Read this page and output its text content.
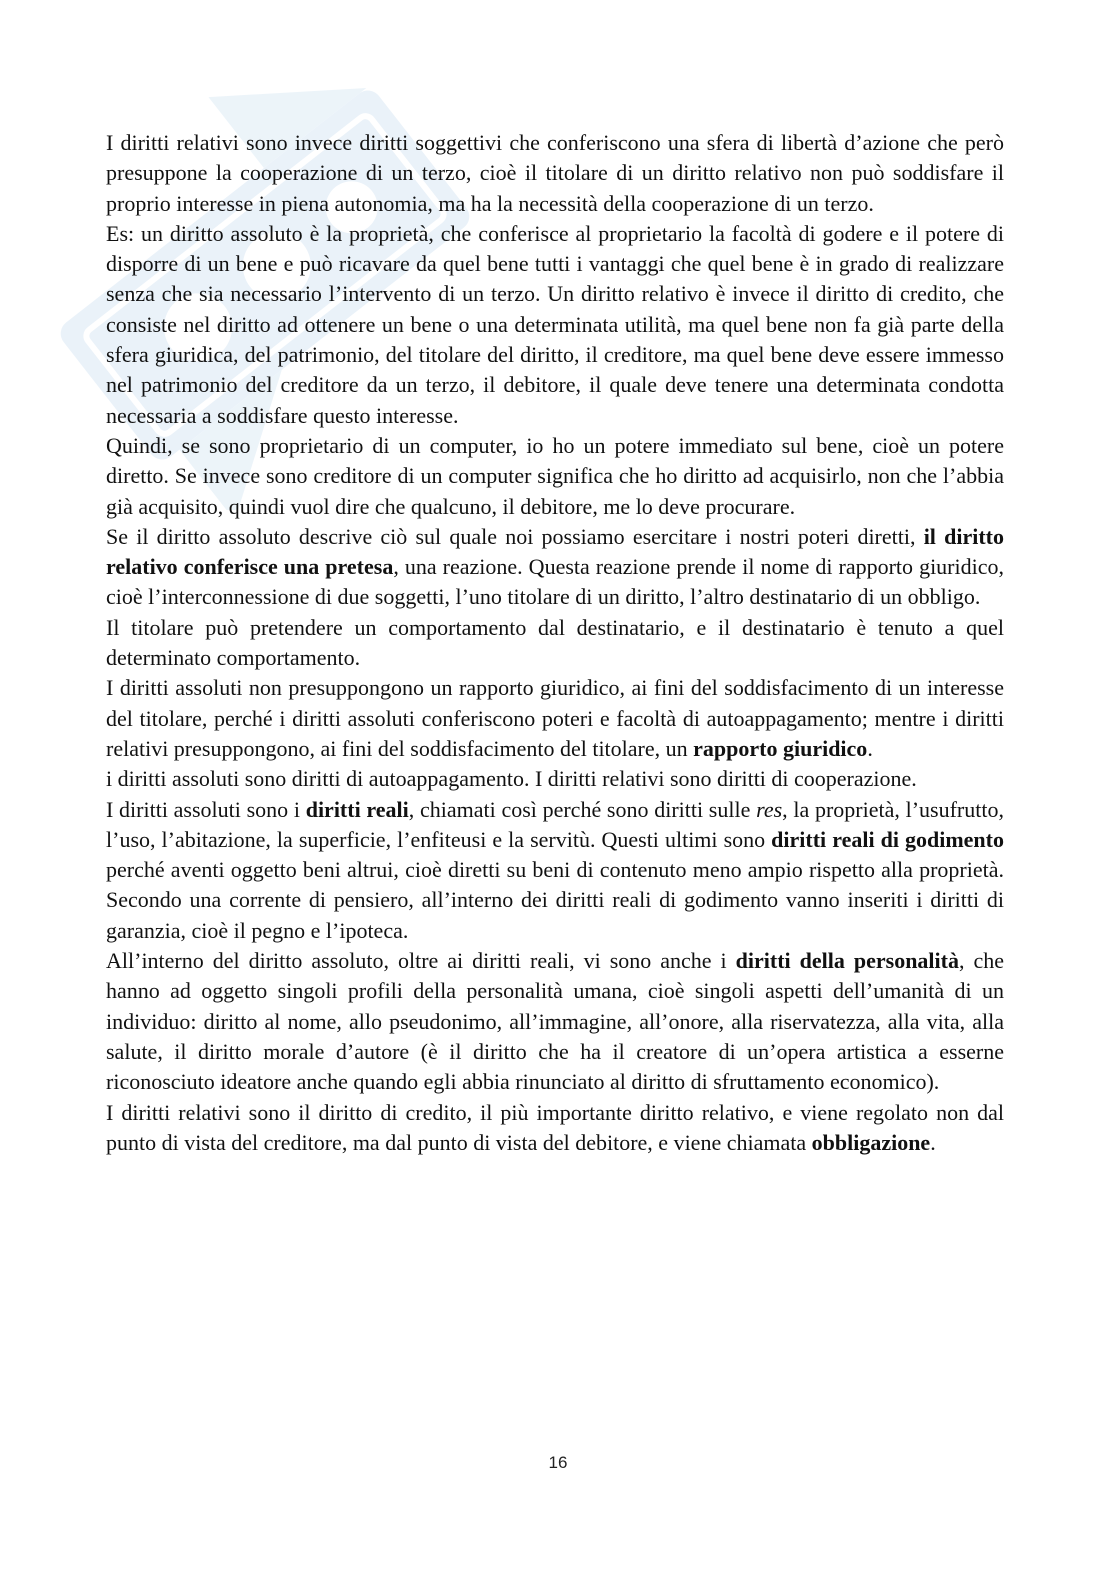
I diritti relativi sono invece diritti soggettivi che conferiscono una sfera di libertà d’azione che però presuppone la cooperazione di un terzo, cioè il titolare di un diritto relativo non può soddisfare il proprio interesse in piena autonomia, ma ha la necessità della cooperazione di un terzo.

Es: un diritto assoluto è la proprietà, che conferisce al proprietario la facoltà di godere e il potere di disporre di un bene e può ricavare da quel bene tutti i vantaggi che quel bene è in grado di realizzare senza che sia necessario l’intervento di un terzo. Un diritto relativo è invece il diritto di credito, che consiste nel diritto ad ottenere un bene o una determinata utilità, ma quel bene non fa già parte della sfera giuridica, del patrimonio, del titolare del diritto, il creditore, ma quel bene deve essere immesso nel patrimonio del creditore da un terzo, il debitore, il quale deve tenere una determinata condotta necessaria a soddisfare questo interesse.

Quindi, se sono proprietario di un computer, io ho un potere immediato sul bene, cioè un potere diretto. Se invece sono creditore di un computer significa che ho diritto ad acquisirlo, non che l’abbia già acquisito, quindi vuol dire che qualcuno, il debitore, me lo deve procurare.

Se il diritto assoluto descrive ciò sul quale noi possiamo esercitare i nostri poteri diretti, il diritto relativo conferisce una pretesa, una reazione. Questa reazione prende il nome di rapporto giuridico, cioè l’interconnessione di due soggetti, l’uno titolare di un diritto, l’altro destinatario di un obbligo.

Il titolare può pretendere un comportamento dal destinatario, e il destinatario è tenuto a quel determinato comportamento.

I diritti assoluti non presuppongono un rapporto giuridico, ai fini del soddisfacimento di un interesse del titolare, perché i diritti assoluti conferiscono poteri e facoltà di autoappagamento; mentre i diritti relativi presuppongono, ai fini del soddisfacimento del titolare, un rapporto giuridico.

i diritti assoluti sono diritti di autoappagamento. I diritti relativi sono diritti di cooperazione.

I diritti assoluti sono i diritti reali, chiamati così perché sono diritti sulle res, la proprietà, l’usufrutto, l’uso, l’abitazione, la superficie, l’enfiteusi e la servitù. Questi ultimi sono diritti reali di godimento perché aventi oggetto beni altrui, cioè diretti su beni di contenuto meno ampio rispetto alla proprietà. Secondo una corrente di pensiero, all’interno dei diritti reali di godimento vanno inseriti i diritti di garanzia, cioè il pegno e l’ipoteca.

All’interno del diritto assoluto, oltre ai diritti reali, vi sono anche i diritti della personalità, che hanno ad oggetto singoli profili della personalità umana, cioè singoli aspetti dell’umanità di un individuo: diritto al nome, allo pseudonimo, all’immagine, all’onore, alla riservatezza, alla vita, alla salute, il diritto morale d’autore (è il diritto che ha il creatore di un’opera artistica a esserne riconosciuto ideatore anche quando egli abbia rinunciato al diritto di sfruttamento economico).

I diritti relativi sono il diritto di credito, il più importante diritto relativo, e viene regolato non dal punto di vista del creditore, ma dal punto di vista del debitore, e viene chiamata obbligazione.

16
